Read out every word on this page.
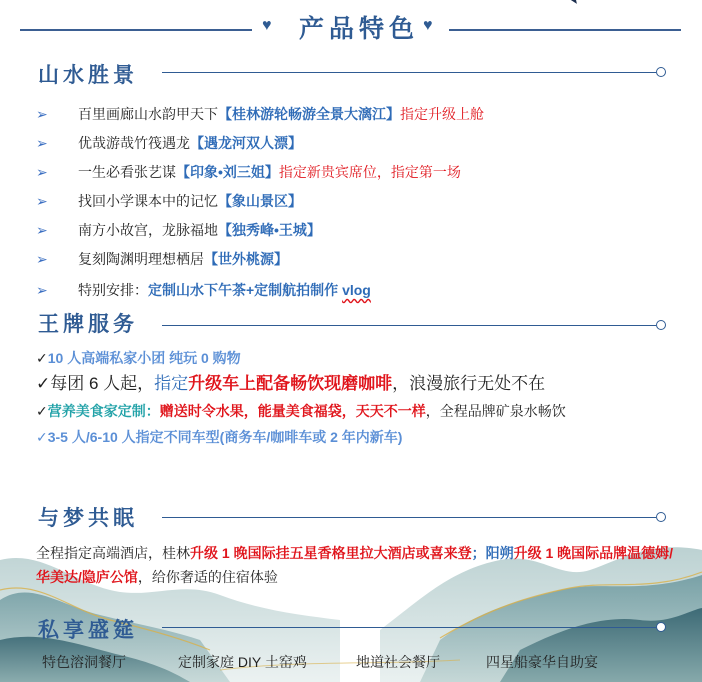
♥ 产品特色 ♥
山水胜景
➢ 百里画廊山水韵甲天下【桂林游轮畅游全景大漓江】指定升级上舱
➢ 优哉游哉竹筏遇龙【遇龙河双人漂】
➢ 一生必看张艺谋【印象•刘三姐】指定新贵宾席位，指定第一场
➢ 找回小学课本中的记忆【象山景区】
➢ 南方小故宫，龙脉福地【独秀峰•王城】
➢ 复刻陶渊明理想栖居【世外桃源】
➢ 特别安排：定制山水下午茶+定制航拍制作 vlog
王牌服务
✓10 人高端私家小团 纯玩 0 购物
✓每团 6 人起，指定升级车上配备畅饮现磨咖啡，浪漫旅行无处不在
✓营养美食家定制：赠送时令水果，能量美食福袋，天天不一样，全程品牌矿泉水畅饮
✓3-5 人/6-10 人指定不同车型(商务车/咖啡车或 2 年内新车)
与梦共眠
全程指定高端酒店，桂林升级 1 晚国际挂五星香格里拉大酒店或喜来登；阳朔升级 1 晚国际品牌温德姆/华美达/隐庐公馆，给你奢适的住宿体验
私享盛筵
特色溶洞餐厅	定制家庭 DIY 土窑鸡	地道社会餐厅	四星船豪华自助宴
